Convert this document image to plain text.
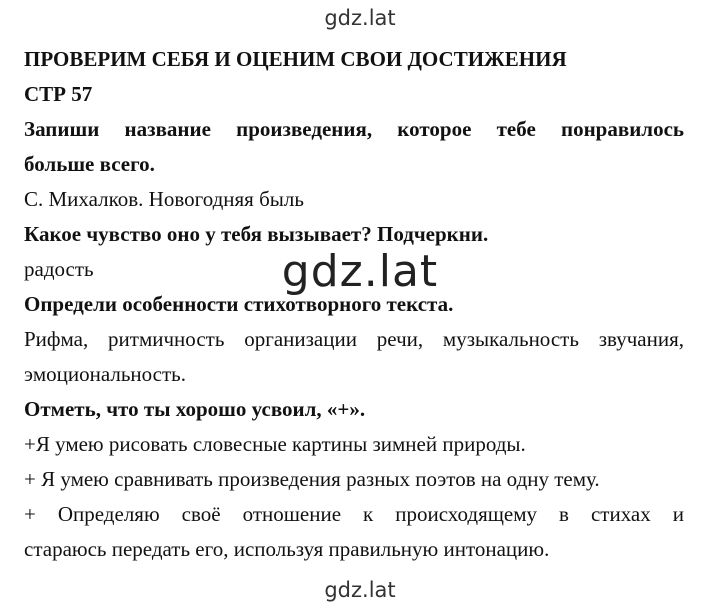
gdz.lat
ПРОВЕРИМ СЕБЯ И ОЦЕНИМ СВОИ ДОСТИЖЕНИЯ
СТР 57
Запиши название произведения, которое тебе понравилось
больше всего.
С. Михалков. Новогодняя быль
Какое чувство оно у тебя вызывает? Подчеркни.
радость
Определи особенности стихотворного текста.
Рифма, ритмичность организации речи, музыкальность звучания,
эмоциональность.
Отметь, что ты хорошо усвоил, «+».
+Я умею рисовать словесные картины зимней природы.
+ Я умею сравнивать произведения разных поэтов на одну тему.
+ Определяю своё отношение к происходящему в стихах и
стараюсь передать его, используя правильную интонацию.
gdz.lat
gdz.lat
